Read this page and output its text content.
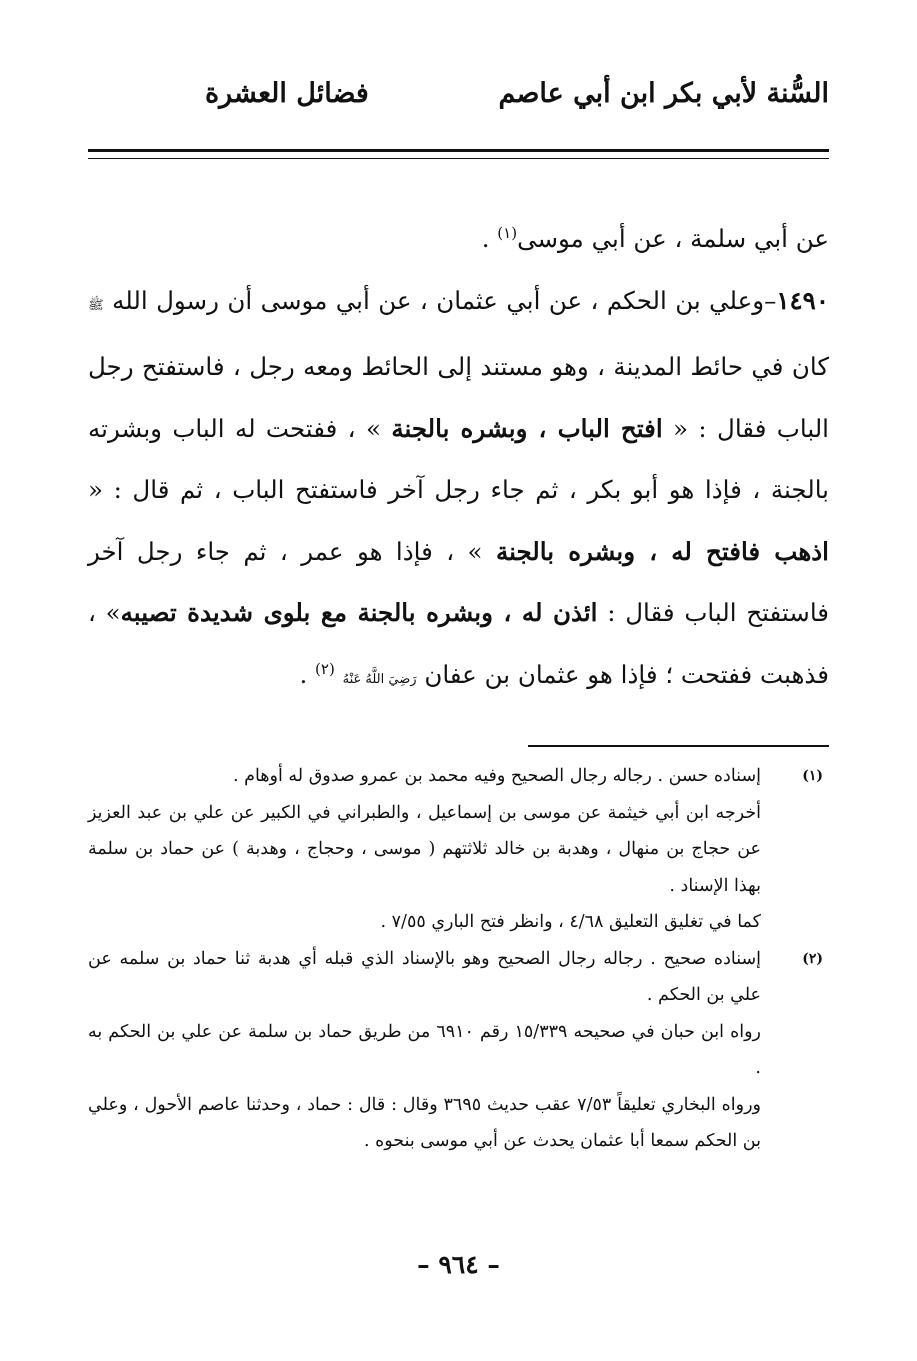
السُّنة لأبي بكر ابن أبي عاصم
فضائل العشرة

عن أبي سلمة ، عن أبي موسى$^{(١)}$ .

١٤٩٠–وعلي بن الحكم ، عن أبي عثمان ، عن أبي موسى أن رسول الله ﷺ كان في حائط المدينة ، وهو مستند إلى الحائط ومعه رجل ، فاستفتح رجل الباب فقال : « افتح الباب ، وبشره بالجنة » ، ففتحت له الباب وبشرته بالجنة ، فإذا هو أبو بكر ، ثم جاء رجل آخر فاستفتح الباب ، ثم قال : « اذهب فافتح له ، وبشره بالجنة » ، فإذا هو عمر ، ثم جاء رجل آخر فاستفتح الباب فقال : ائذن له ، وبشره بالجنة مع بلوى شديدة تصيبه» ، فذهبت ففتحت ؛ فإذا هو عثمان بن عفان رَضِيَ اللَّهُ عَنْهُ $^{(٢)}$ .

(١)

إسناده حسن . رجاله رجال الصحيح وفيه محمد بن عمرو صدوق له أوهام .

أخرجه ابن أبي خيثمة عن موسى بن إسماعيل ، والطبراني في الكبير عن علي بن عبد العزيز عن حجاج بن منهال ، وهدبة بن خالد ثلاثتهم ( موسى ، وحجاج ، وهدبة ) عن حماد بن سلمة بهذا الإسناد .

كما في تغليق التعليق ٤/٦٨ ، وانظر فتح الباري ٧/٥٥ .

(٢)

إسناده صحيح . رجاله رجال الصحيح وهو بالإسناد الذي قبله أي هدبة ثنا حماد بن سلمه عن علي بن الحكم .

رواه ابن حبان في صحيحه ١٥/٣٣٩ رقم ٦٩١٠ من طريق حماد بن سلمة عن علي بن الحكم به .

ورواه البخاري تعليقاً ٧/٥٣ عقب حديث ٣٦٩٥ وقال : قال : حماد ، وحدثنا عاصم الأحول ، وعلي بن الحكم سمعا أبا عثمان يحدث عن أبي موسى بنحوه .

– ٩٦٤ –
